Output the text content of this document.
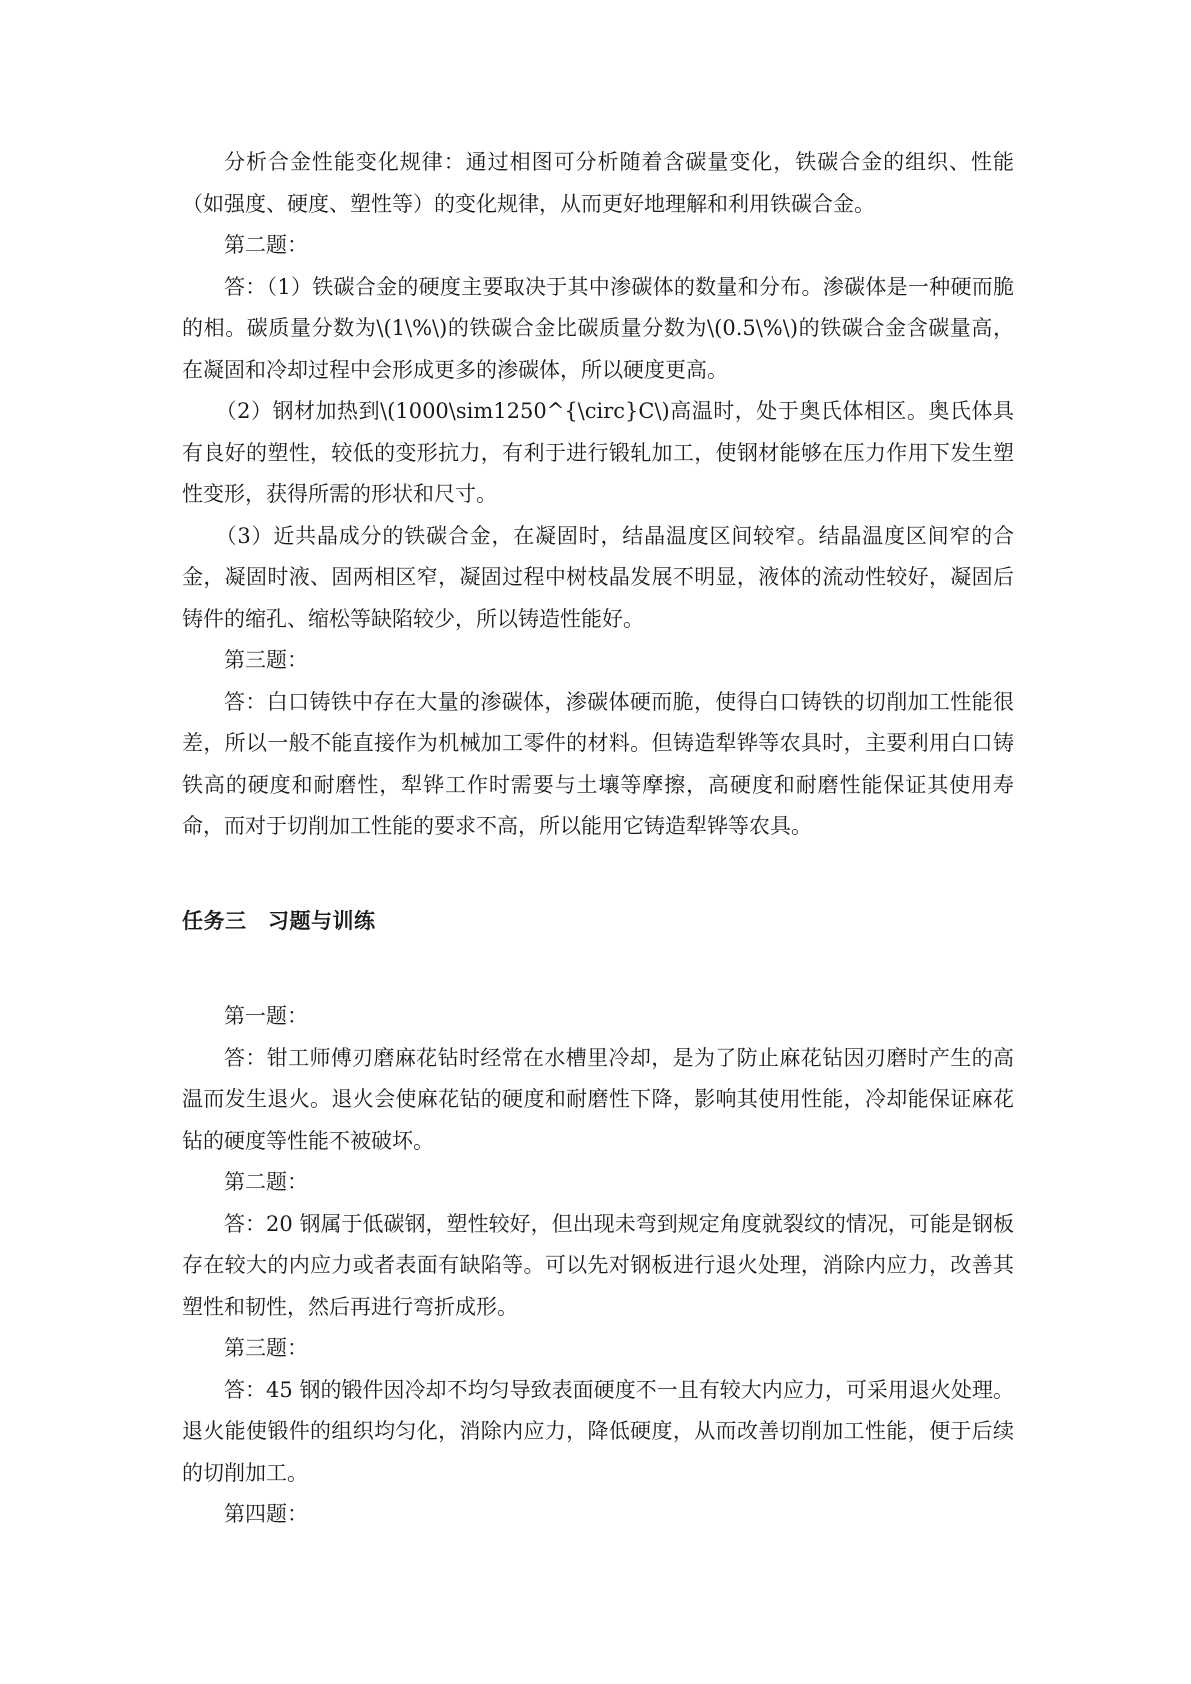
分析合金性能变化规律：通过相图可分析随着含碳量变化，铁碳合金的组织、性能（如强度、硬度、塑性等）的变化规律，从而更好地理解和利用铁碳合金。

第二题：

答：（1）铁碳合金的硬度主要取决于其中渗碳体的数量和分布。渗碳体是一种硬而脆的相。碳质量分数为\(1\%\)的铁碳合金比碳质量分数为\(0.5\%\)的铁碳合金含碳量高，在凝固和冷却过程中会形成更多的渗碳体，所以硬度更高。

（2）钢材加热到\(1000\sim1250^{\circ}C\)高温时，处于奥氏体相区。奥氏体具有良好的塑性，较低的变形抗力，有利于进行锻轧加工，使钢材能够在压力作用下发生塑性变形，获得所需的形状和尺寸。

（3）近共晶成分的铁碳合金，在凝固时，结晶温度区间较窄。结晶温度区间窄的合金，凝固时液、固两相区窄，凝固过程中树枝晶发展不明显，液体的流动性较好，凝固后铸件的缩孔、缩松等缺陷较少，所以铸造性能好。

第三题：

答：白口铸铁中存在大量的渗碳体，渗碳体硬而脆，使得白口铸铁的切削加工性能很差，所以一般不能直接作为机械加工零件的材料。但铸造犁铧等农具时，主要利用白口铸铁高的硬度和耐磨性，犁铧工作时需要与土壤等摩擦，高硬度和耐磨性能保证其使用寿命，而对于切削加工性能的要求不高，所以能用它铸造犁铧等农具。

任务三　习题与训练

第一题：

答：钳工师傅刃磨麻花钻时经常在水槽里冷却，是为了防止麻花钻因刃磨时产生的高温而发生退火。退火会使麻花钻的硬度和耐磨性下降，影响其使用性能，冷却能保证麻花钻的硬度等性能不被破坏。

第二题：

答：20 钢属于低碳钢，塑性较好，但出现未弯到规定角度就裂纹的情况，可能是钢板存在较大的内应力或者表面有缺陷等。可以先对钢板进行退火处理，消除内应力，改善其塑性和韧性，然后再进行弯折成形。

第三题：

答：45 钢的锻件因冷却不均匀导致表面硬度不一且有较大内应力，可采用退火处理。退火能使锻件的组织均匀化，消除内应力，降低硬度，从而改善切削加工性能，便于后续的切削加工。

第四题：
